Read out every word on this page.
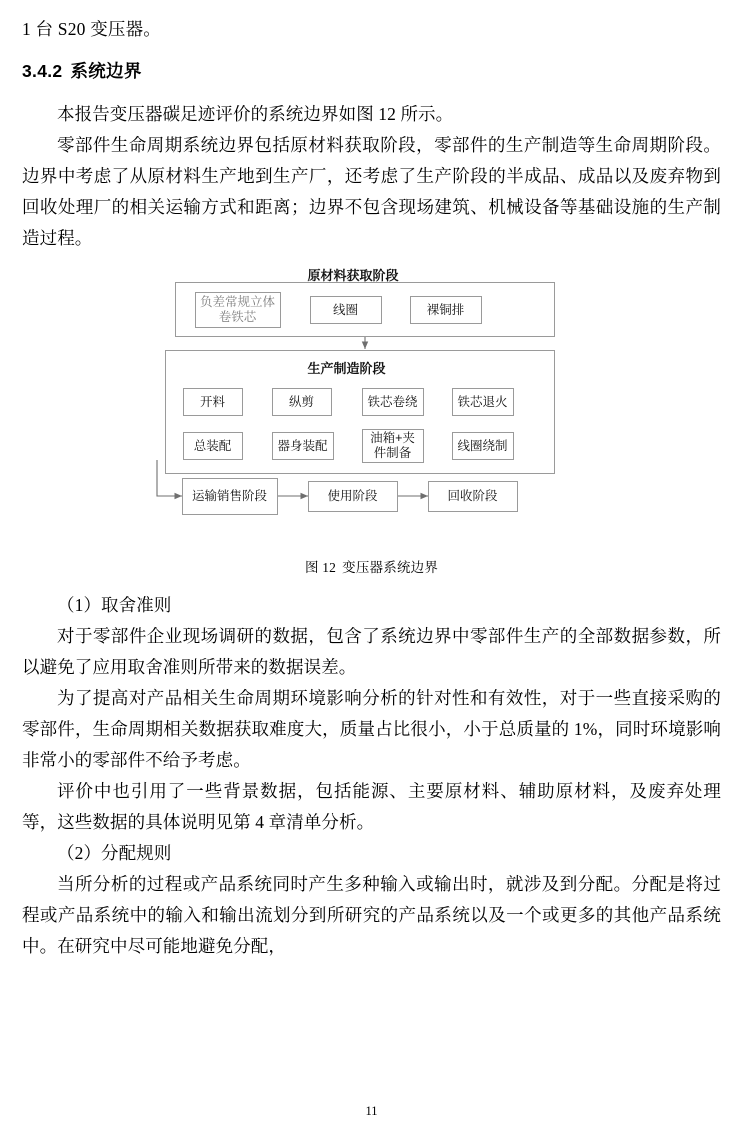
1 台 S20 变压器。
3.4.2 系统边界

本报告变压器碳足迹评价的系统边界如图 12 所示。

零部件生命周期系统边界包括原材料获取阶段，零部件的生产制造等生命周期阶段。边界中考虑了从原材料生产地到生产厂，还考虑了生产阶段的半成品、成品以及废弃物到回收处理厂的相关运输方式和距离；边界不包含现场建筑、机械设备等基础设施的生产制造过程。

原材料获取阶段
负差常规立体卷铁芯
线圈	裸铜排
生产制造阶段
开料	纵剪	铁芯卷绕	铁芯退火
总装配	器身装配
油箱+夹件制备
线圈绕制
运输销售阶段	使用阶段	回收阶段
图 12 变压器系统边界

（1）取舍准则

对于零部件企业现场调研的数据，包含了系统边界中零部件生产的全部数据参数，所以避免了应用取舍准则所带来的数据误差。

为了提高对产品相关生命周期环境影响分析的针对性和有效性，对于一些直接采购的零部件，生命周期相关数据获取难度大，质量占比很小，小于总质量的 1%，同时环境影响非常小的零部件不给予考虑。

评价中也引用了一些背景数据，包括能源、主要原材料、辅助原材料，及废弃处理等，这些数据的具体说明见第 4 章清单分析。

（2）分配规则

当所分析的过程或产品系统同时产生多种输入或输出时，就涉及到分配。分配是将过程或产品系统中的输入和输出流划分到所研究的产品系统以及一个或更多的其他产品系统中。在研究中尽可能地避免分配，

11
